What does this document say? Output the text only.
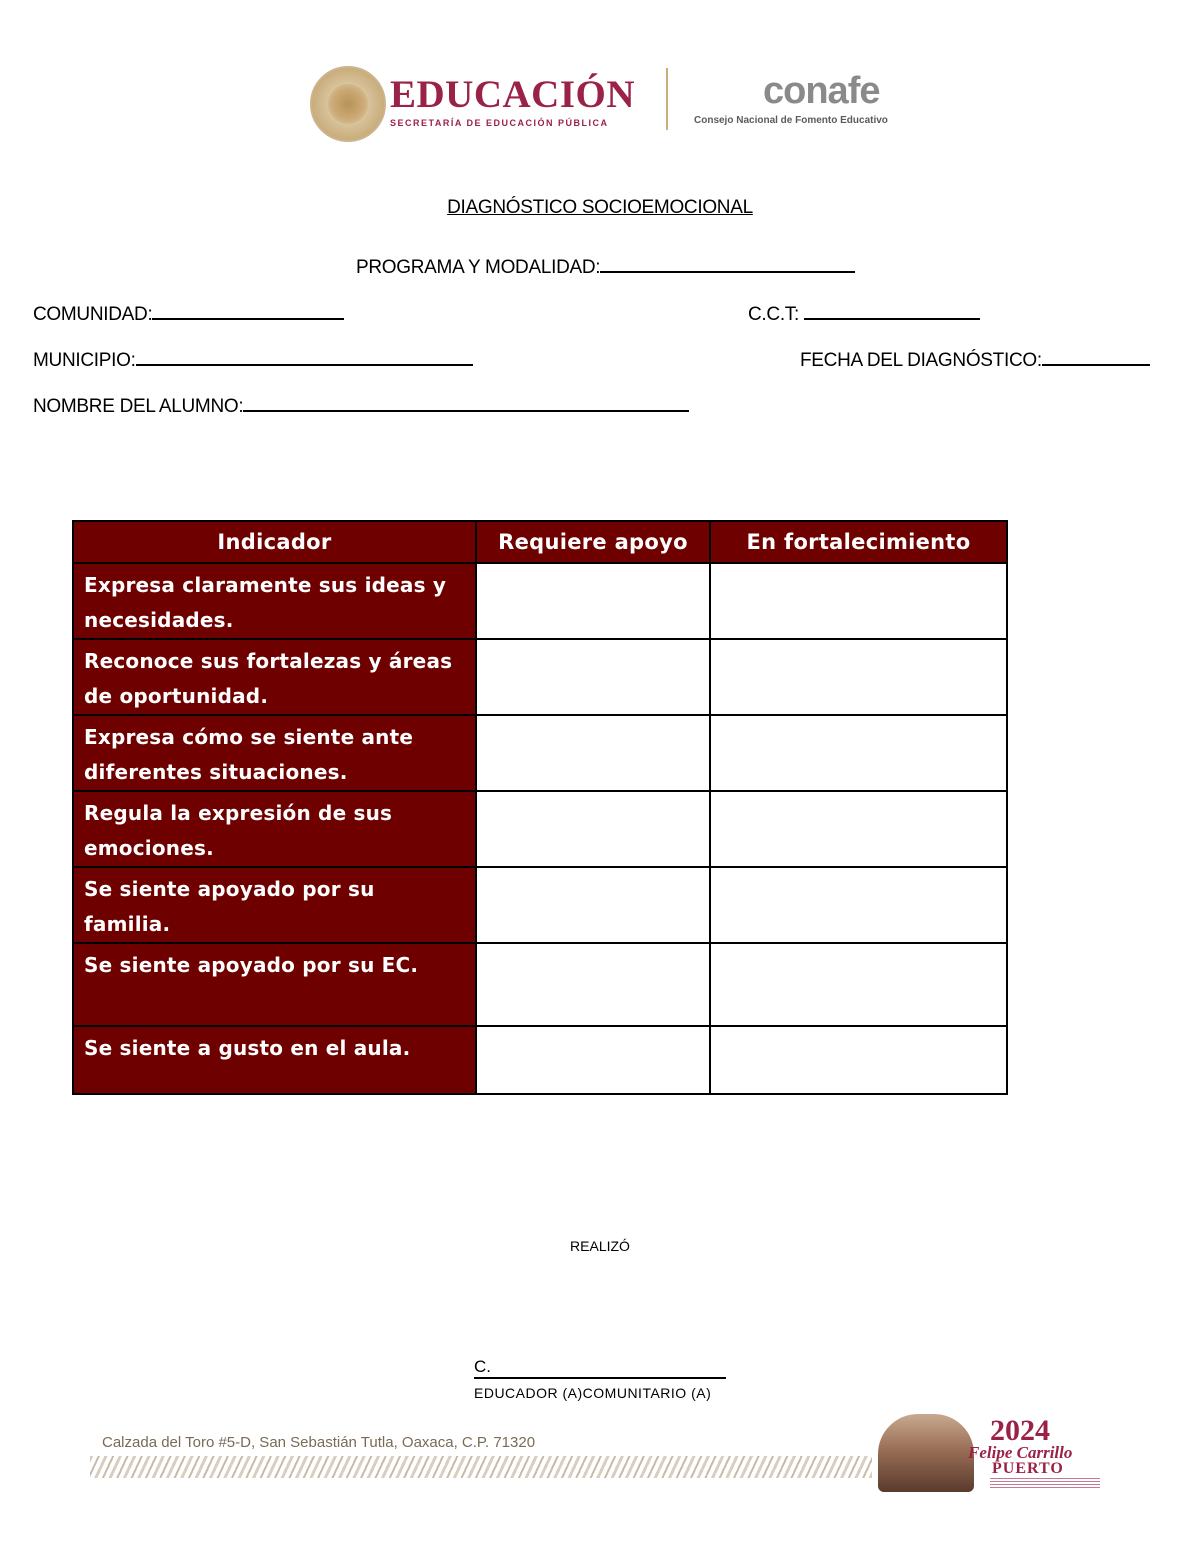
EDUCACIÓN
SECRETARÍA DE EDUCACIÓN PÚBLICA
conafe
Consejo Nacional de Fomento Educativo
DIAGNÓSTICO SOCIOEMOCIONAL
PROGRAMA Y MODALIDAD:
COMUNIDAD:	C.C.T:
MUNICIPIO:	FECHA DEL DIAGNÓSTICO:
NOMBRE DEL ALUMNO:
Indicador	Requiere apoyo	En fortalecimiento
Expresa claramente sus ideas y necesidades.		
Reconoce sus fortalezas y áreas de oportunidad.		
Expresa cómo se siente ante diferentes situaciones.		
Regula la expresión de sus emociones.		
Se siente apoyado por su familia.		
Se siente apoyado por su EC.		
Se siente a gusto en el aula.		
REALIZÓ
C.
EDUCADOR (A)COMUNITARIO (A)
Calzada del Toro #5-D, San Sebastián Tutla, Oaxaca, C.P. 71320	2024
Felipe Carrillo
PUERTO
